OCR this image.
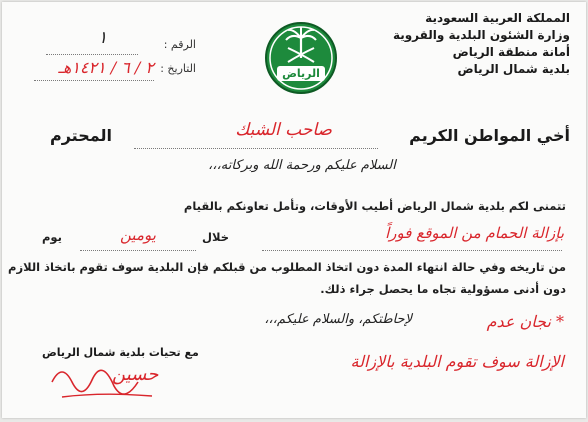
المملكة العربية السعودية
وزارة الشئون البلدية والقروية
أمانة منطقة الرياض
بلدية شمال الرياض
الرياض
الرقم :
١
التاريخ :
٢ / ٦ / ١٤٢١هـ
أخي المواطن الكريم
صاحب الشبك
المحترم
السلام عليكم ورحمة الله وبركاته،،،
تتمنى لكم بلدية شمال الرياض أطيب الأوقات، وتأمل تعاونكم بالقيام
بإزالة الحمام من الموقع فوراً
خلال
يومين
يوم
من تاريخه وفي حالة انتهاء المدة دون اتخاذ المطلوب من قبلكم فإن البلدية سوف تقوم باتخاذ اللازم
دون أدنى مسؤولية تجاه ما يحصل جراء ذلك.
لإحاطتكم، والسلام عليكم،،،
مع تحيات بلدية شمال الرياض
حسين
* نجان عدم
الإزالة سوف تقوم البلدية بالإزالة
